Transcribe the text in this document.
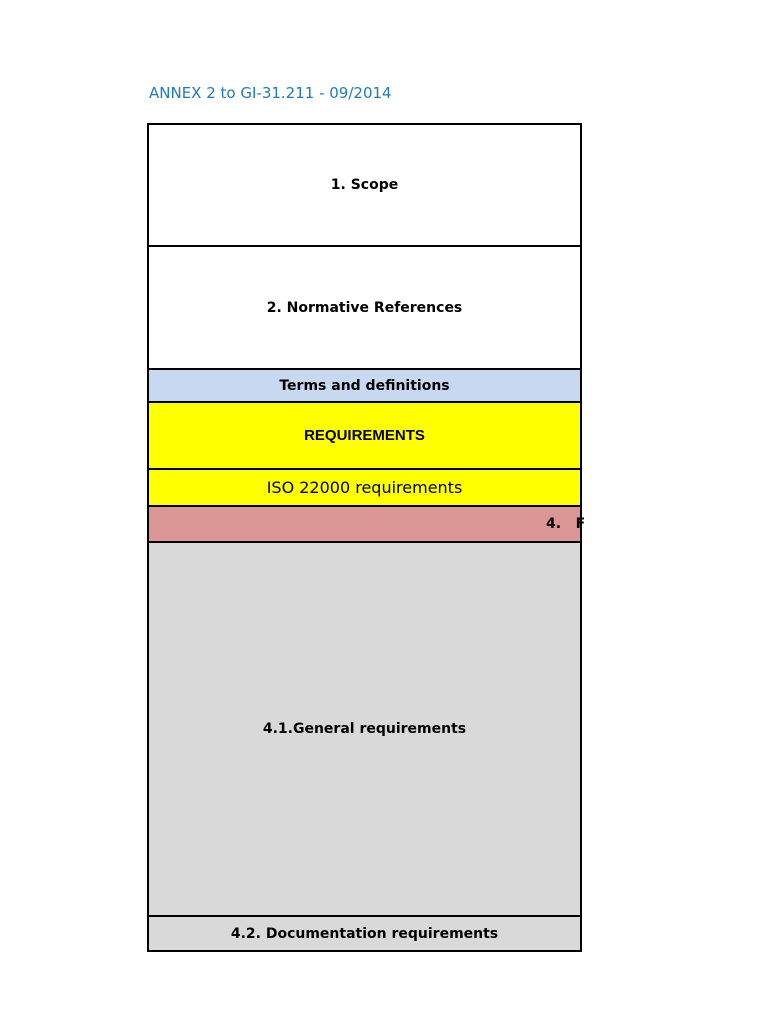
ANNEX 2 to GI-31.211 - 09/2014
1. Scope
2. Normative References
Terms and definitions
REQUIREMENTS
ISO 22000 requirements
4.   F
4.1.General requirements
4.2. Documentation requirements
